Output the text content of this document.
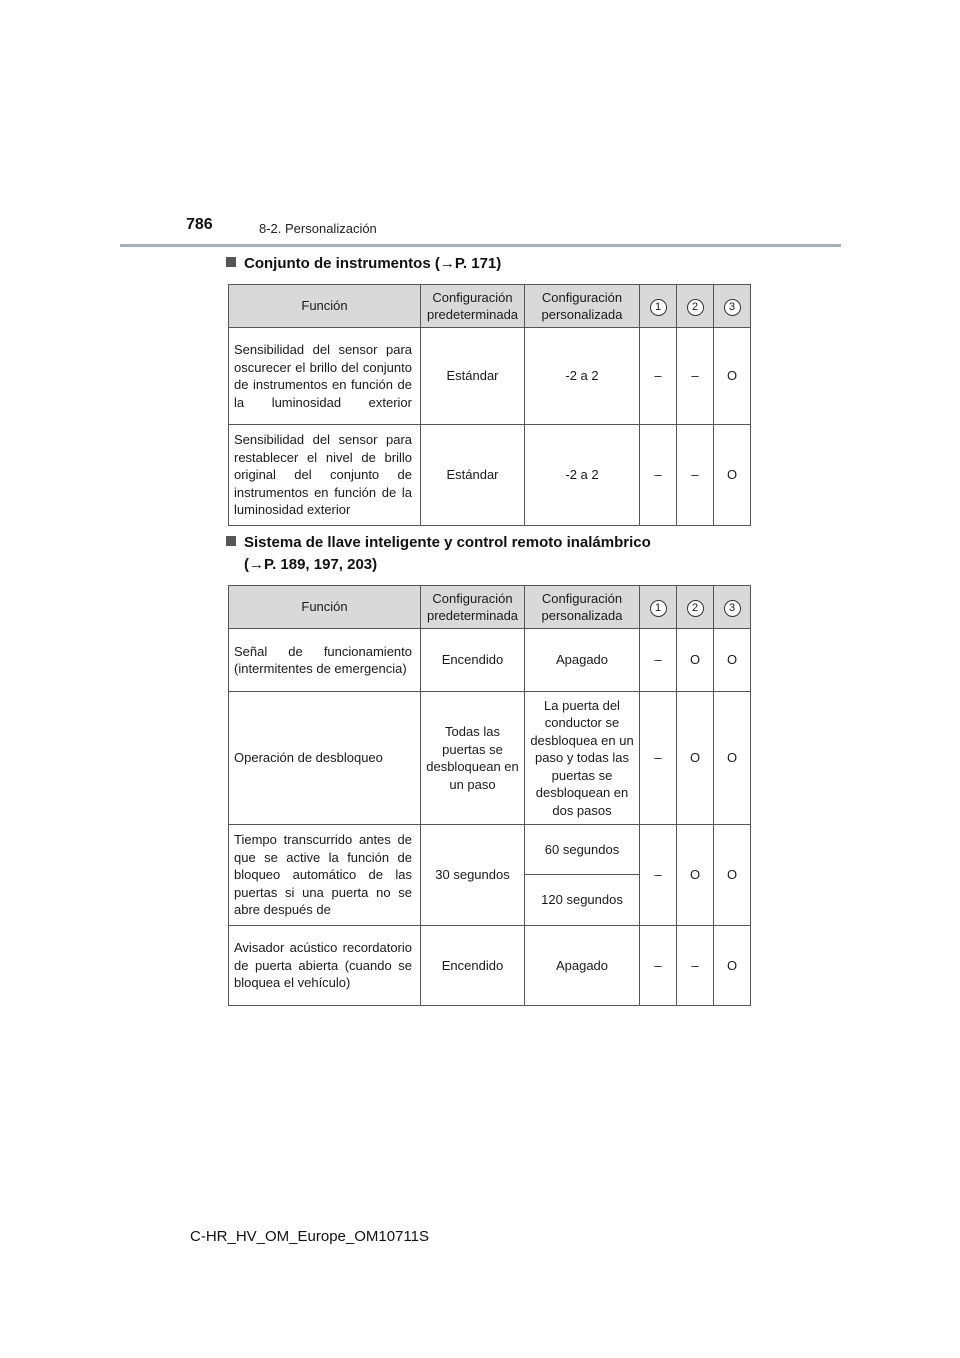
786	8-2. Personalización
Conjunto de instrumentos (→P. 171)
Función	Configuración predeterminada	Configuración personalizada	1	2	3
Sensibilidad del sensor para oscurecer el brillo del conjunto de instrumentos en función de la luminosidad exterior	Estándar	-2 a 2	–	–	O
Sensibilidad del sensor para restablecer el nivel de brillo original del conjunto de instrumentos en función de la luminosidad exterior	Estándar	-2 a 2	–	–	O
Sistema de llave inteligente y control remoto inalámbrico
(→P. 189, 197, 203)
Función	Configuración predeterminada	Configuración personalizada	1	2	3
Señal de funcionamiento (intermitentes de emergencia)	Encendido	Apagado	–	O	O
Operación de desbloqueo	Todas las puertas se desbloquean en un paso	La puerta del conductor se desbloquea en un paso y todas las puertas se desbloquean en dos pasos	–	O	O
Tiempo transcurrido antes de que se active la función de bloqueo automático de las puertas si una puerta no se abre después de	30 segundos	60 segundos	–	O	O
		120 segundos			
Avisador acústico recordatorio de puerta abierta (cuando se bloquea el vehículo)	Encendido	Apagado	–	–	O
C-HR_HV_OM_Europe_OM10711S
